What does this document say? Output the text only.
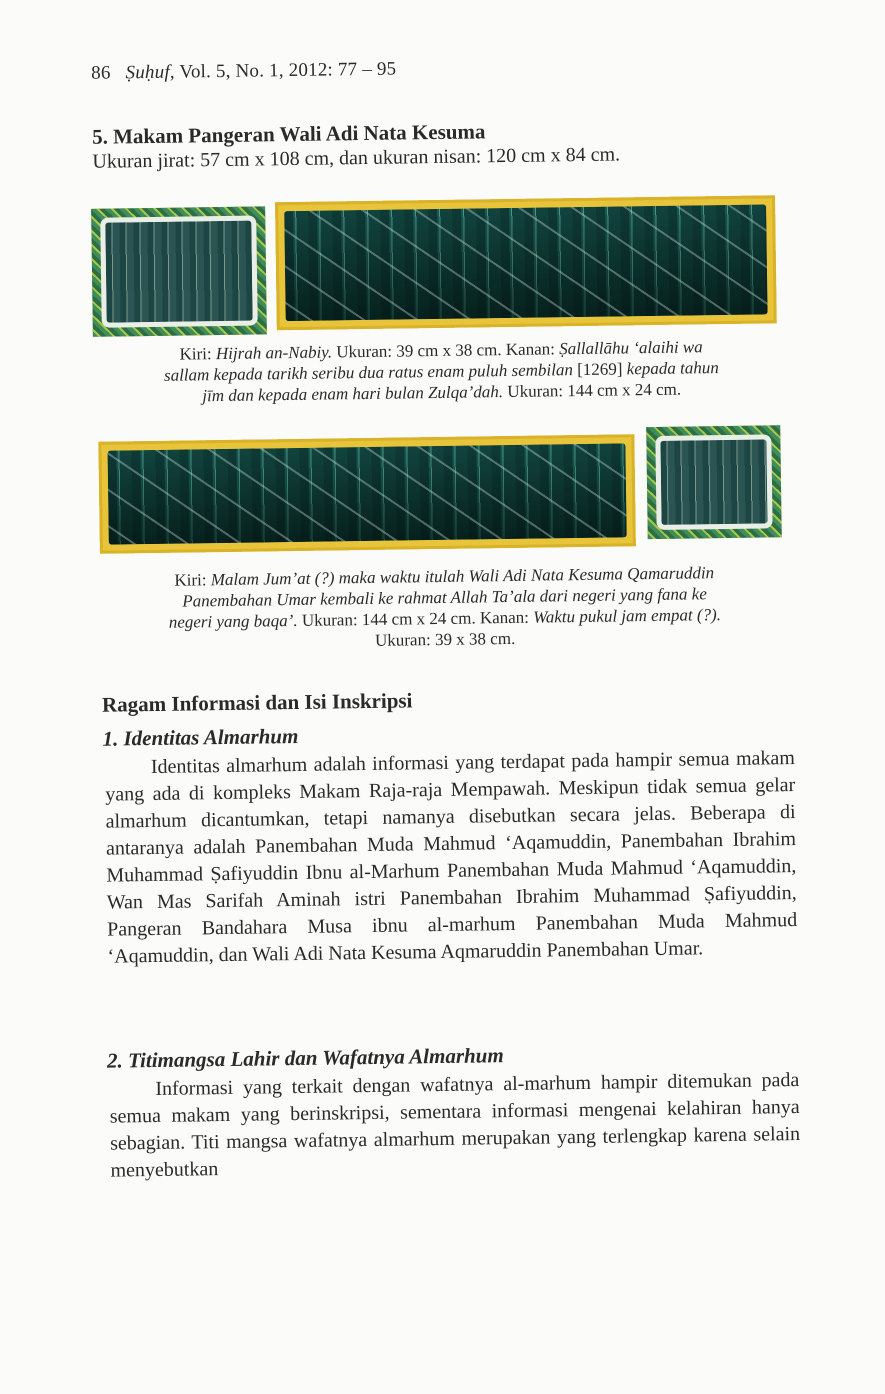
86 Ṣuḥuf, Vol. 5, No. 1, 2012: 77 – 95
5. Makam Pangeran Wali Adi Nata Kesuma
Ukuran jirat: 57 cm x 108 cm, dan ukuran nisan: 120 cm x 84 cm.
Kiri: Hijrah an-Nabiy. Ukuran: 39 cm x 38 cm. Kanan: Ṣallallāhu ‘alaihi wa
sallam kepada tarikh seribu dua ratus enam puluh sembilan [1269] kepada tahun
jīm dan kepada enam hari bulan Zulqa’dah. Ukuran: 144 cm x 24 cm.
Kiri: Malam Jum’at (?) maka waktu itulah Wali Adi Nata Kesuma Qamaruddin
Panembahan Umar kembali ke rahmat Allah Ta’ala dari negeri yang fana ke
negeri yang baqa’. Ukuran: 144 cm x 24 cm. Kanan: Waktu pukul jam empat (?).
Ukuran: 39 x 38 cm.
Ragam Informasi dan Isi Inskripsi
1. Identitas Almarhum
Identitas almarhum adalah informasi yang terdapat pada hampir semua makam yang ada di kompleks Makam Raja-raja Mempawah. Meskipun tidak semua gelar almarhum dicantumkan, tetapi namanya disebutkan secara jelas. Beberapa di antaranya adalah Panembahan Muda Mahmud ‘Aqamuddin, Panembahan Ibrahim Muhammad Ṣafiyuddin Ibnu al-Marhum Panembahan Muda Mahmud ‘Aqamuddin, Wan Mas Sarifah Aminah istri Panembahan Ibrahim Muhammad Ṣafiyuddin, Pangeran Bandahara Musa ibnu al-marhum Panembahan Muda Mahmud ‘Aqamuddin, dan Wali Adi Nata Kesuma Aqmaruddin Panembahan Umar.
2. Titimangsa Lahir dan Wafatnya Almarhum
Informasi yang terkait dengan wafatnya al-marhum hampir ditemukan pada semua makam yang berinskripsi, sementara informasi mengenai kelahiran hanya sebagian. Titi mangsa wafatnya almarhum merupakan yang terlengkap karena selain menyebutkan
